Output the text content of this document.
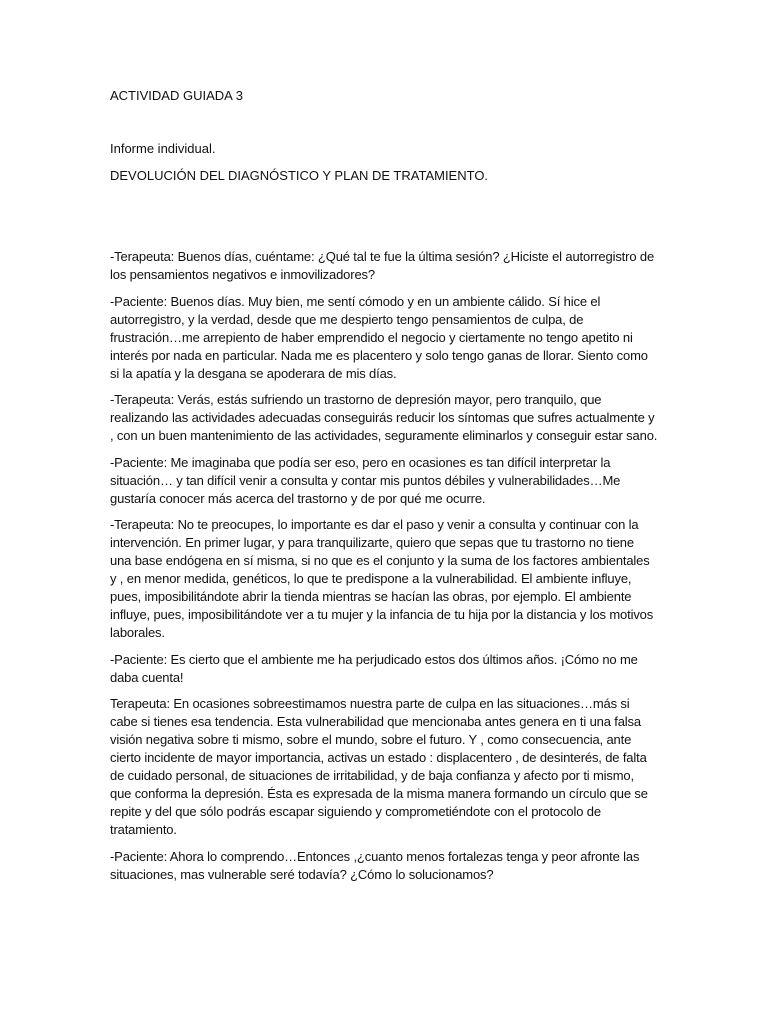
ACTIVIDAD GUIADA 3

Informe individual.

DEVOLUCIÓN DEL DIAGNÓSTICO Y PLAN DE TRATAMIENTO.

-Terapeuta: Buenos días, cuéntame: ¿Qué tal te fue la última sesión? ¿Hiciste el autorregistro de los pensamientos negativos e inmovilizadores?

-Paciente: Buenos días. Muy bien, me sentí cómodo y en un ambiente cálido. Sí hice el autorregistro, y la verdad, desde que me despierto tengo pensamientos de culpa, de frustración…me arrepiento de haber emprendido el negocio y ciertamente no tengo apetito ni interés por nada en particular. Nada me es placentero y solo tengo ganas de llorar. Siento como si la apatía y la desgana se apoderara de mis días.

-Terapeuta: Verás, estás sufriendo un trastorno de depresión mayor, pero tranquilo, que realizando las actividades adecuadas conseguirás reducir los síntomas que sufres actualmente y , con un buen mantenimiento de las actividades, seguramente eliminarlos y conseguir estar sano.

-Paciente: Me imaginaba que podía ser eso, pero en ocasiones es tan difícil interpretar la situación… y tan difícil venir a consulta y contar mis puntos débiles y vulnerabilidades…Me gustaría conocer más acerca del trastorno y de por qué me ocurre.

-Terapeuta: No te preocupes, lo importante es dar el paso y venir a consulta y continuar con la intervención. En primer lugar, y para tranquilizarte, quiero que sepas que tu trastorno no tiene una base endógena en sí misma, si no que es el conjunto y la suma de los factores ambientales y , en menor medida, genéticos, lo que te predispone a la vulnerabilidad. El ambiente influye, pues, imposibilitándote abrir la tienda mientras se hacían las obras, por ejemplo. El ambiente influye, pues, imposibilitándote ver a tu mujer y la infancia de tu hija por la distancia y los motivos laborales.

-Paciente: Es cierto que el ambiente me ha perjudicado estos dos últimos años. ¡Cómo no me daba cuenta!

Terapeuta: En ocasiones sobreestimamos nuestra parte de culpa en las situaciones…más si cabe si tienes esa tendencia. Esta vulnerabilidad que mencionaba antes genera en ti una falsa visión negativa sobre ti mismo, sobre el mundo, sobre el futuro. Y , como consecuencia, ante cierto incidente de mayor importancia, activas un estado : displacentero , de desinterés, de falta de cuidado personal, de situaciones de irritabilidad, y de baja confianza y afecto por ti mismo, que conforma la depresión. Ésta es expresada de la misma manera formando un círculo que se repite y del que sólo podrás escapar siguiendo y comprometiéndote con el protocolo de tratamiento.

-Paciente: Ahora lo comprendo…Entonces ,¿cuanto menos fortalezas tenga y peor afronte las situaciones, mas vulnerable seré todavía? ¿Cómo lo solucionamos?
